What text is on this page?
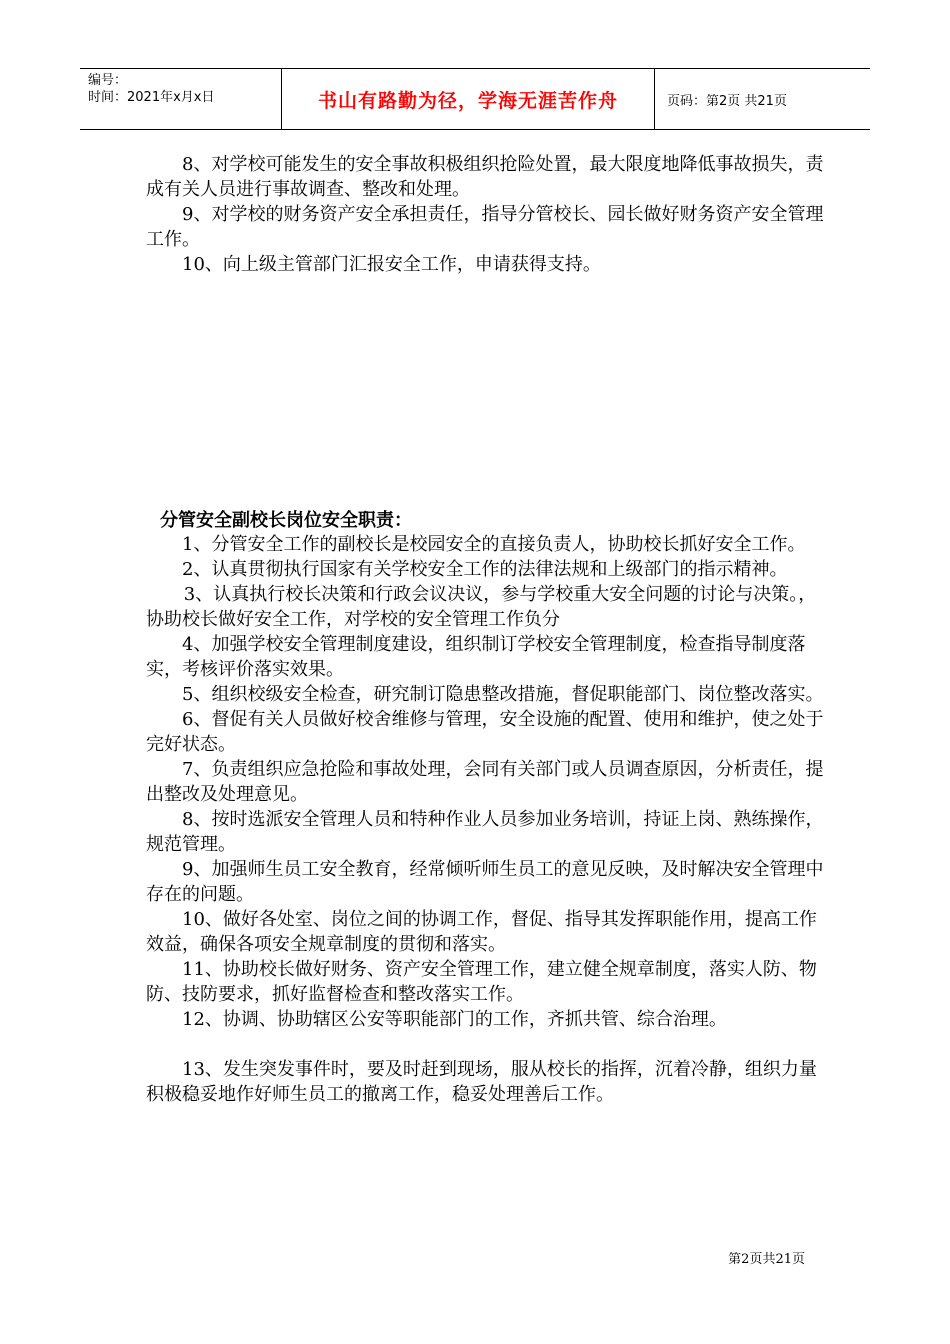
编号：
时间：2021年x月x日	书山有路勤为径，学海无涯苦作舟	页码：第2页 共21页

8、对学校可能发生的安全事故积极组织抢险处置，最大限度地降低事故损失，责成有关人员进行事故调查、整改和处理。

9、对学校的财务资产安全承担责任，指导分管校长、园长做好财务资产安全管理工作。

10、向上级主管部门汇报安全工作，申请获得支持。

分管安全副校长岗位安全职责：

1、分管安全工作的副校长是校园安全的直接负责人，协助校长抓好安全工作。

2、认真贯彻执行国家有关学校安全工作的法律法规和上级部门的指示精神。

3、认真执行校长决策和行政会议决议，参与学校重大安全问题的讨论与决策。，协助校长做好安全工作，对学校的安全管理工作负分

4、加强学校安全管理制度建设，组织制订学校安全管理制度，检查指导制度落实，考核评价落实效果。

5、组织校级安全检查，研究制订隐患整改措施，督促职能部门、岗位整改落实。

6、督促有关人员做好校舍维修与管理，安全设施的配置、使用和维护，使之处于完好状态。

7、负责组织应急抢险和事故处理，会同有关部门或人员调查原因，分析责任，提出整改及处理意见。

8、按时选派安全管理人员和特种作业人员参加业务培训，持证上岗、熟练操作，规范管理。

9、加强师生员工安全教育，经常倾听师生员工的意见反映，及时解决安全管理中存在的问题。

10、做好各处室、岗位之间的协调工作，督促、指导其发挥职能作用，提高工作效益，确保各项安全规章制度的贯彻和落实。

11、协助校长做好财务、资产安全管理工作，建立健全规章制度，落实人防、物防、技防要求，抓好监督检查和整改落实工作。

12、协调、协助辖区公安等职能部门的工作，齐抓共管、综合治理。

13、发生突发事件时，要及时赶到现场，服从校长的指挥，沉着冷静，组织力量积极稳妥地作好师生员工的撤离工作，稳妥处理善后工作。

第2页共21页
